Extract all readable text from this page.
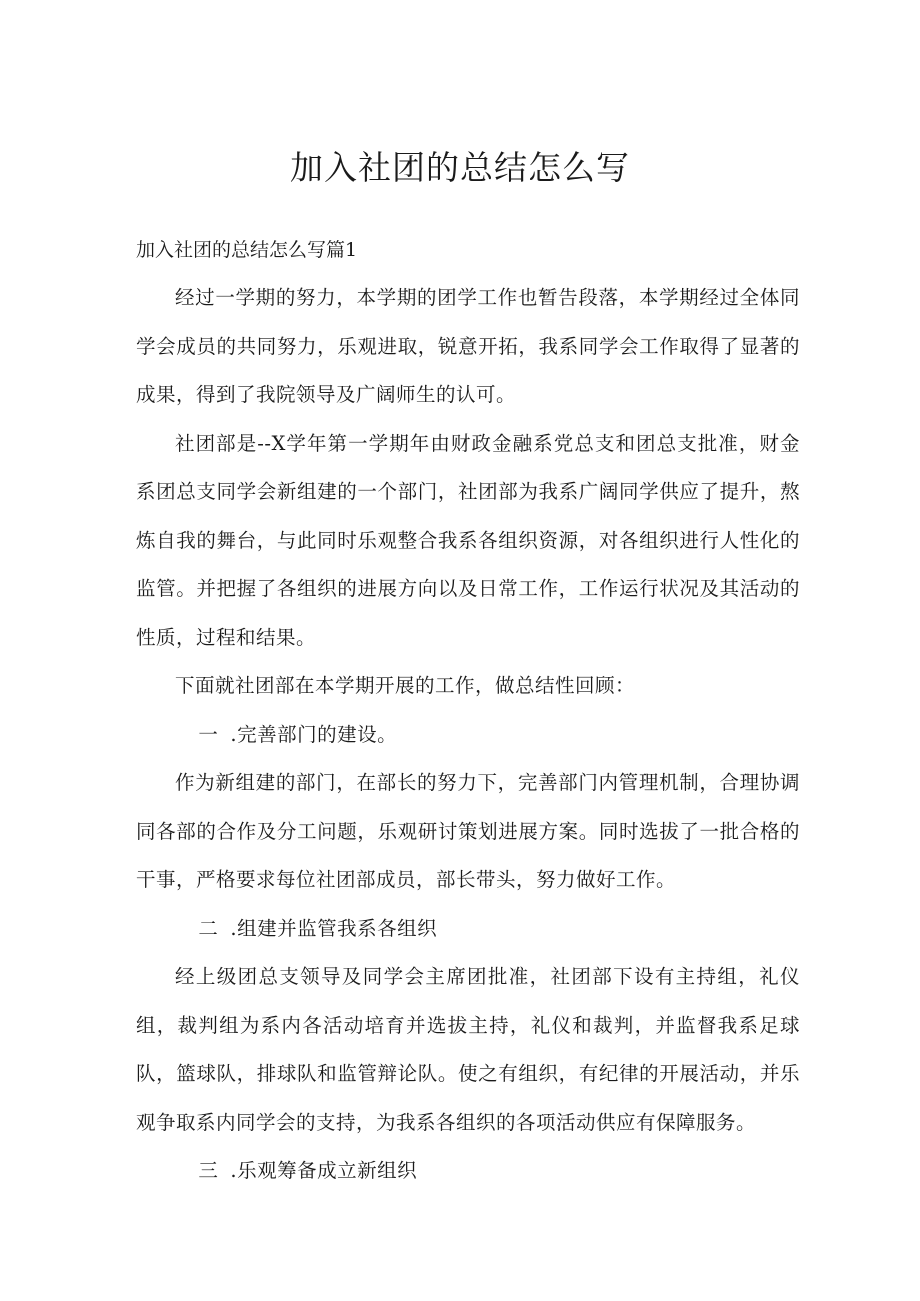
加入社团的总结怎么写

加入社团的总结怎么写篇1

经过一学期的努力，本学期的团学工作也暂告段落，本学期经过全体同学会成员的共同努力，乐观进取，锐意开拓，我系同学会工作取得了显著的成果，得到了我院领导及广阔师生的认可。

社团部是--X学年第一学期年由财政金融系党总支和团总支批准，财金系团总支同学会新组建的一个部门，社团部为我系广阔同学供应了提升，熬炼自我的舞台，与此同时乐观整合我系各组织资源，对各组织进行人性化的监管。并把握了各组织的进展方向以及日常工作，工作运行状况及其活动的性质，过程和结果。

下面就社团部在本学期开展的工作，做总结性回顾：

一 .完善部门的建设。

作为新组建的部门，在部长的努力下，完善部门内管理机制，合理协调同各部的合作及分工问题，乐观研讨策划进展方案。同时选拔了一批合格的干事，严格要求每位社团部成员，部长带头，努力做好工作。

二 .组建并监管我系各组织

经上级团总支领导及同学会主席团批准，社团部下设有主持组，礼仪组，裁判组为系内各活动培育并选拔主持，礼仪和裁判，并监督我系足球队，篮球队，排球队和监管辩论队。使之有组织，有纪律的开展活动，并乐观争取系内同学会的支持，为我系各组织的各项活动供应有保障服务。

三 .乐观筹备成立新组织
